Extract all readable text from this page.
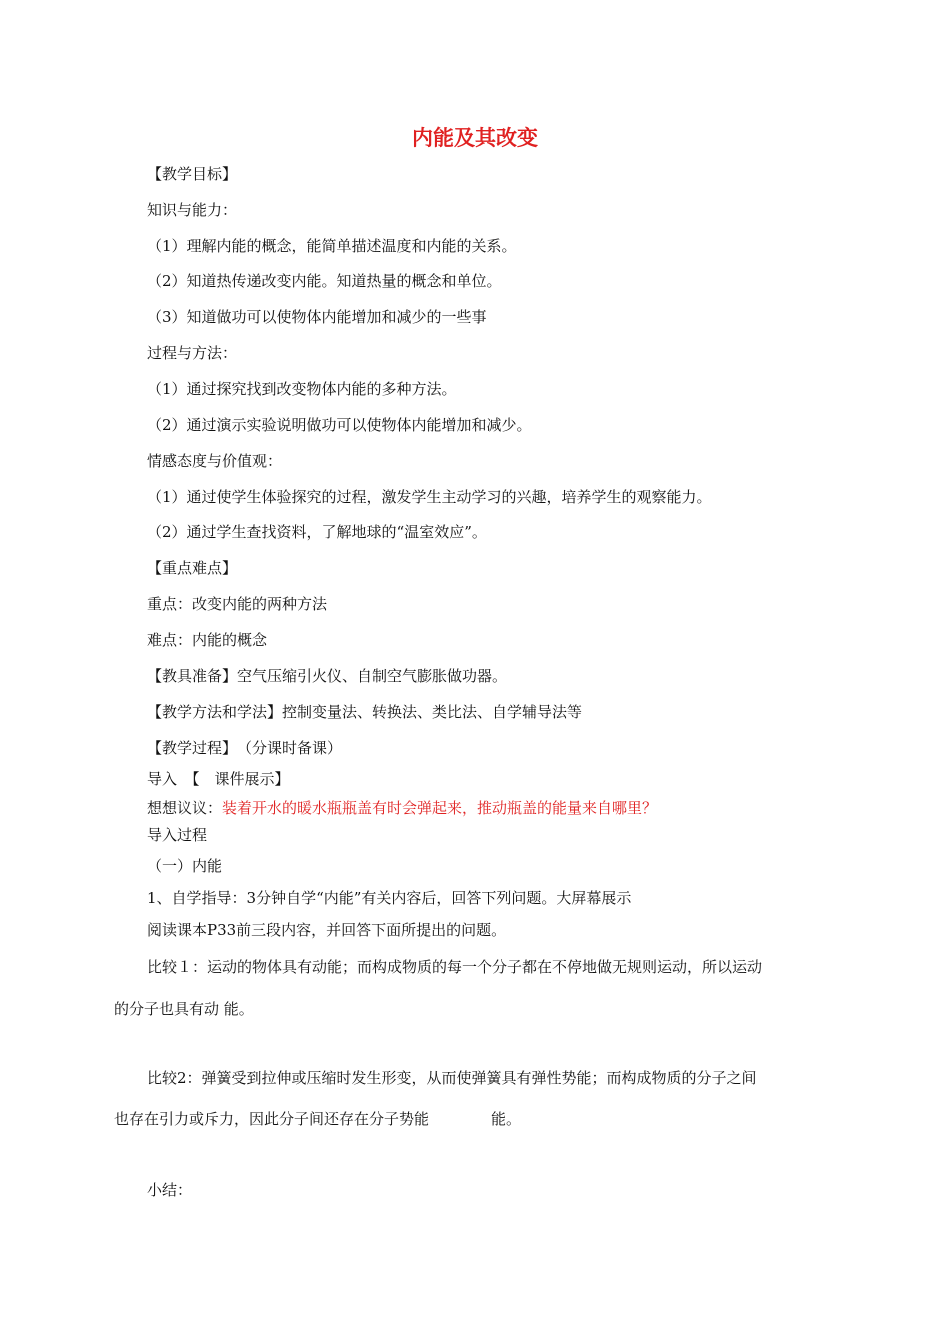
内能及其改变
【教学目标】
知识与能力：
（1）理解内能的概念，能简单描述温度和内能的关系。
（2）知道热传递改变内能。知道热量的概念和单位。
（3）知道做功可以使物体内能增加和减少的一些事
过程与方法：
（1）通过探究找到改变物体内能的多种方法。
（2）通过演示实验说明做功可以使物体内能增加和减少。
情感态度与价值观：
（1）通过使学生体验探究的过程，激发学生主动学习的兴趣，培养学生的观察能力。
（2）通过学生查找资料，了解地球的“温室效应”。
【重点难点】
重点：改变内能的两种方法
难点：内能的概念
【教具准备】空气压缩引火仪、自制空气膨胀做功器。
【教学方法和学法】控制变量法、转换法、类比法、自学辅导法等
【教学过程】　（分课时备课）
导入　【　课件展示】
想想议议：装着开水的暖水瓶瓶盖有时会弹起来，推动瓶盖的能量来自哪里？
导入过程
（一）内能
1、自学指导：3分钟自学“内能”有关内容后，回答下列问题。大屏幕展示
阅读课本P33前三段内容，并回答下面所提出的问题。
比较１：运动的物体具有动能；而构成物质的每一个分子都在不停地做无规则运动，所以运动
的分子也具有动 能。
比较2：弹簧受到拉伸或压缩时发生形变，从而使弹簧具有弹性势能；而构成物质的分子之间
也存在引力或斥力，因此分子间还存在分子势能	能。
小结：
